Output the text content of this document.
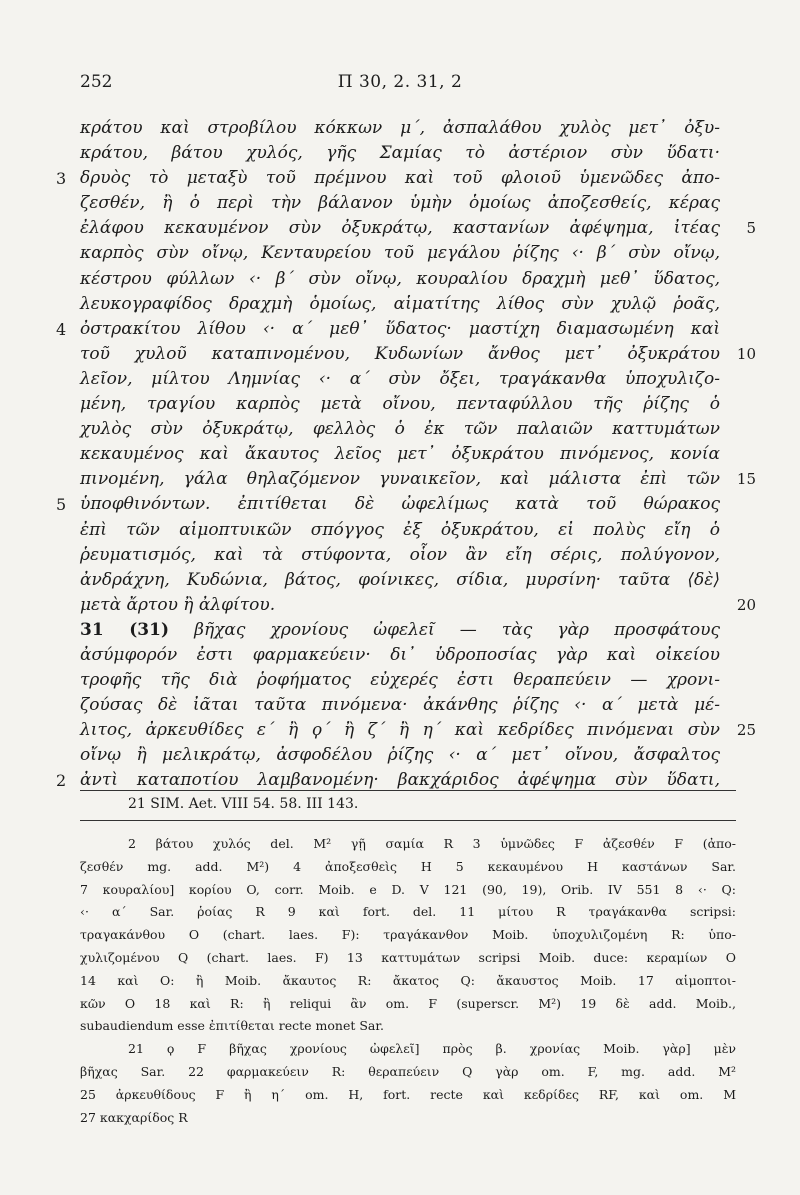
252	Π 30, 2. 31, 2
κράτου καὶ στροβίλου κόκκων μ΄, ἀσπαλάθου χυλὸς μετ᾽ ὀξυ-
κράτου, βάτου χυλός, γῆς Σαμίας τὸ ἀστέριον σὺν ὕδατι·
3 δρυὸς τὸ μεταξὺ τοῦ πρέμνου καὶ τοῦ φλοιοῦ ὑμενῶδες ἀπο-
ζεσθέν, ἢ ὁ περὶ τὴν βάλανον ὑμὴν ὁμοίως ἀποζεσθείς, κέρας
ἐλάφου κεκαυμένον σὺν ὀξυκράτῳ, καστανίων ἀφέψημα, ἰτέας 5
καρπὸς σὺν οἴνῳ, Κενταυρείου τοῦ μεγάλου ῥίζης ‹· β΄ σὺν οἴνῳ,
κέστρου φύλλων ‹· β΄ σὺν οἴνῳ, κουραλίου δραχμὴ μεθ᾽ ὕδατος,
λευκογραφίδος δραχμὴ ὁμοίως, αἱματίτης λίθος σὺν χυλῷ ῥοᾶς,
4 ὀστρακίτου λίθου ‹· α΄ μεθ᾽ ὕδατος· μαστίχη διαμασωμένη καὶ
τοῦ χυλοῦ καταπινομένου, Κυδωνίων ἄνθος μετ᾽ ὀξυκράτου 10
λεῖον, μίλτου Λημνίας ‹· α΄ σὺν ὄξει, τραγάκανθα ὑποχυλιζο-
μένη, τραγίου καρπὸς μετὰ οἴνου, πενταφύλλου τῆς ῥίζης ὁ
χυλὸς σὺν ὀξυκράτῳ, φελλὸς ὁ ἐκ τῶν παλαιῶν καττυμάτων
κεκαυμένος καὶ ἄκαυτος λεῖος μετ᾽ ὀξυκράτου πινόμενος, κονία
πινομένη, γάλα θηλαζόμενον γυναικεῖον, καὶ μάλιστα ἐπὶ τῶν 15
5 ὑποφθινόντων. ἐπιτίθεται δὲ ὠφελίμως κατὰ τοῦ θώρακος
ἐπὶ τῶν αἱμοπτυικῶν σπόγγος ἐξ ὀξυκράτου, εἰ πολὺς εἴη ὁ
ῥευματισμός, καὶ τὰ στύφοντα, οἷον ἂν εἴη σέρις, πολύγονον,
ἀνδράχνη, Κυδώνια, βάτος, φοίνικες, σίδια, μυρσίνη· ταῦτα ⟨δὲ⟩
μετὰ ἄρτου ἢ ἀλφίτου.	20
31 (31) βῆχας χρονίους ὠφελεῖ — τὰς γὰρ προσφάτους
ἀσύμφορόν ἐστι φαρμακεύειν· δι᾽ ὑδροποσίας γὰρ καὶ οἰκείου
τροφῆς τῆς διὰ ῥοφήματος εὐχερές ἐστι θεραπεύειν — χρονι-
ζούσας δὲ ἰᾶται ταῦτα πινόμενα· ἀκάνθης ῥίζης ‹· α΄ μετὰ μέ-
λιτος, ἀρκευθίδες ε΄ ἢ ϙ΄ ἢ ζ΄ ἢ η΄ καὶ κεδρίδες πινόμεναι σὺν 25
οἴνῳ ἢ μελικράτῳ, ἀσφοδέλου ῥίζης ‹· α΄ μετ᾽ οἴνου, ἄσφαλτος
2 ἀντὶ καταποτίου λαμβανομένη· βακχάριδος ἀφέψημα σὺν ὕδατι,
21 SIM. Aet. VIII 54. 58. III 143.
2 βάτου χυλός del. M² γῇ σαμία R 3 ὑμνῶδες F ἀζεσθέν F (ἀπο-
ζεσθέν mg. add. M²) 4 ἀποξεσθεὶς H 5 κεκαυμένου H καστάνων Sar.
7 κουραλίου] κορίου O, corr. Moib. e D. V 121 (90, 19), Orib. IV 551 8 ‹· Q:
‹· α΄ Sar. ῥοίας R 9 καὶ fort. del. 11 μίτου R τραγάκανθα scripsi:
τραγακάνθου O (chart. laes. F): τραγάκανθον Moib. ὑποχυλιζομένη R: ὑπο-
χυλιζομένου Q (chart. laes. F) 13 καττυμάτων scripsi Moib. duce: κεραμίων O
14 καὶ O: ἢ Moib. ἄκαυτος R: ἄκατος Q: ἄκαυστος Moib. 17 αἱμοπτοι-
κῶν O 18 καὶ R: ἢ reliqui ἂν om. F (superscr. M²) 19 δὲ add. Moib.,
subaudiendum esse ἐπιτίθεται recte monet Sar.
21 ϙ F βῆχας χρονίους ὠφελεῖ] πρὸς β. χρονίας Moib. γὰρ] μὲν
βῆχας Sar. 22 φαρμακεύειν R: θεραπεύειν Q γὰρ om. F, mg. add. M²
25 ἀρκευθίδους F ἢ η΄ om. H, fort. recte καὶ κεδρίδες RF, καὶ om. M
27 κακχαρίδος R
